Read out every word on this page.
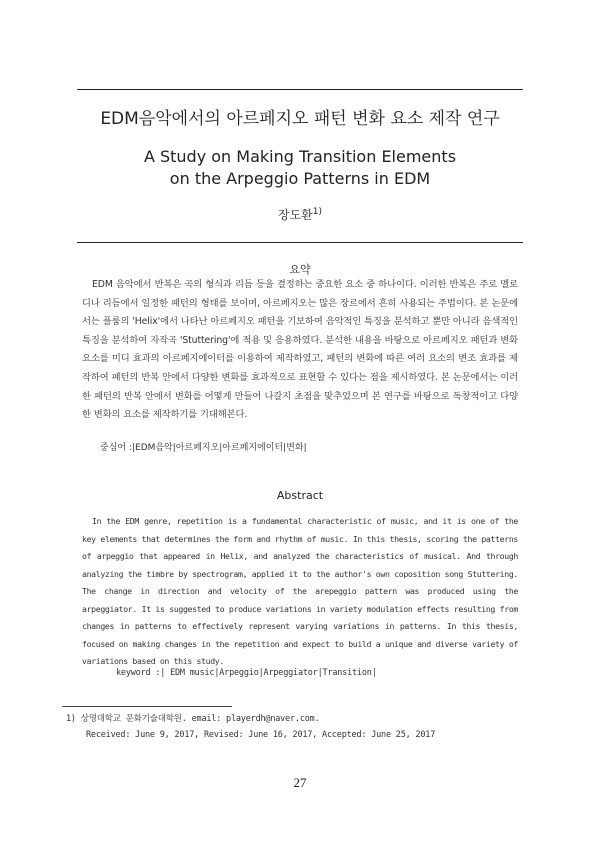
EDM음악에서의 아르페지오 패턴 변화 요소 제작 연구
A Study on Making Transition Elements
on the Arpeggio Patterns in EDM
장도환$^{1)}$
요약
EDM 음악에서 반복은 곡의 형식과 리듬 등을 결정하는 중요한 요소 중 하나이다. 이러한 반복은 주로 멜로디나 리듬에서 일정한 패턴의 형태를 보이며, 아르페지오는 많은 장르에서 흔히 사용되는 주법이다. 본 논문에서는 플룸의 'Helix'에서 나타난 아르페지오 패턴을 기보하여 음악적인 특징을 분석하고 뿐만 아니라 음색적인 특징을 분석하여 자작곡 'Stuttering'에 적용 및 응용하였다. 분석한 내용을 바탕으로 아르페지오 패턴과 변화 요소를 미디 효과의 아르페지에이터를 이용하여 제작하였고, 패턴의 변화에 따른 여러 요소의 변조 효과를 제작하여 패턴의 반복 안에서 다양한 변화를 효과적으로 표현할 수 있다는 점을 제시하였다. 본 논문에서는 이러한 패턴의 반복 안에서 변화를 어떻게 만들어 나갈지 초점을 맞추었으며 본 연구를 바탕으로 독창적이고 다양한 변화의 요소를 제작하기를 기대해본다.
중심어 :|EDM음악|아르페지오|아르페지에이터|변화|
Abstract
In the EDM genre, repetition is a fundamental characteristic of music, and it is one of the key elements that determines the form and rhythm of music. In this thesis, scoring the patterns of arpeggio that appeared in Helix, and analyzed the characteristics of musical. And through analyzing the timbre by spectrogram, applied it to the author's own coposition song Stuttering. The change in direction and velocity of the arepeggio pattern was produced using the arpeggiator. It is suggested to produce variations in variety modulation effects resulting from changes in patterns to effectively represent varying variations in patterns. In this thesis, focused on making changes in the repetition and expect to build a unique and diverse variety of variations based on this study.
keyword :| EDM music|Arpeggio|Arpeggiator|Transition|
1) 상명대학교 문화기술대학원. email: playerdh@naver.com.
Received: June 9, 2017, Revised: June 16, 2017, Accepted: June 25, 2017
27
